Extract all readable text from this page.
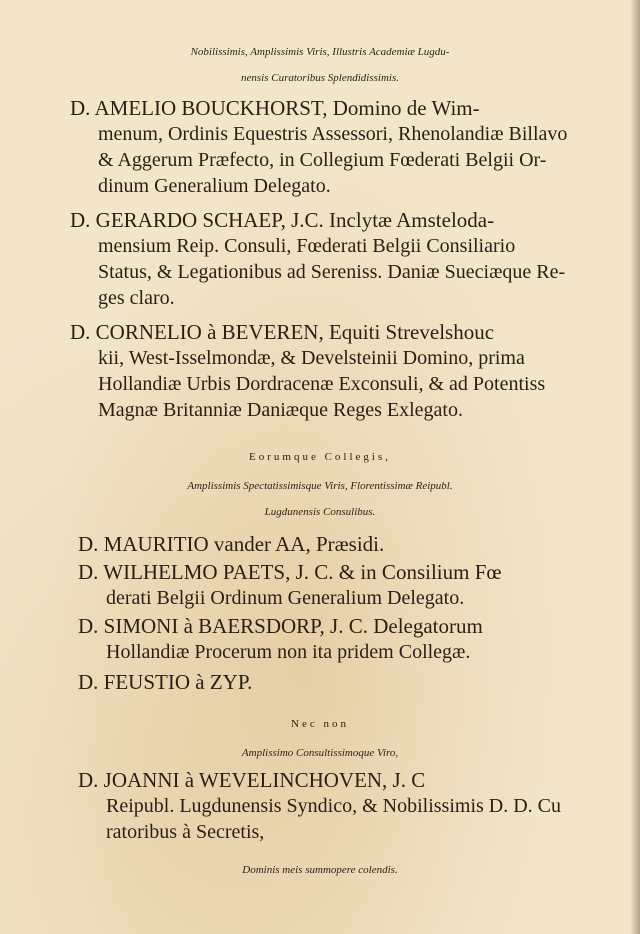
Nobilissimis, Amplissimis Viris, Illustris Academiæ Lugdu-
nensis Curatoribus Splendidissimis.
D. AMELIO BOUCKHORST, Domino de Wim-
menum, Ordinis Equestris Assessori, Rhenolandiæ Billavo
& Aggerum Præfecto, in Collegium Fœderati Belgii Or-
dinum Generalium Delegato.
D. GERARDO SCHAEP, J.C. Inclytæ Amsteloda-
mensium Reip. Consuli, Fœderati Belgii Consiliario
Status, & Legationibus ad Sereniss. Daniæ Sueciæque Re-
ges claro.
D. CORNELIO à BEVEREN, Equiti Strevelshouc
kii, West-Isselmondæ, & Develsteinii Domino, prima
Hollandiæ Urbis Dordracenæ Exconsuli, & ad Potentiss
Magnæ Britanniæ Daniæque Reges Exlegato.
Eorumque Collegis,
Amplissimis Spectatissimisque Viris, Florentissimæ Reipubl.
Lugdunensis Consulibus.
D. MAURITIO vander AA, Præsidi.
D. WILHELMO PAETS, J. C. & in Consilium Fœ
derati Belgii Ordinum Generalium Delegato.
D. SIMONI à BAERSDORP, J. C. Delegatorum
Hollandiæ Procerum non ita pridem Collegæ.
D. FEUSTIO à ZYP.
Nec non
Amplissimo Consultissimoque Viro,
D. JOANNI à WEVELINCHOVEN, J. C
Reipubl. Lugdunensis Syndico, & Nobilissimis D. D. Cu
ratoribus à Secretis,
Dominis meis summopere colendis.
